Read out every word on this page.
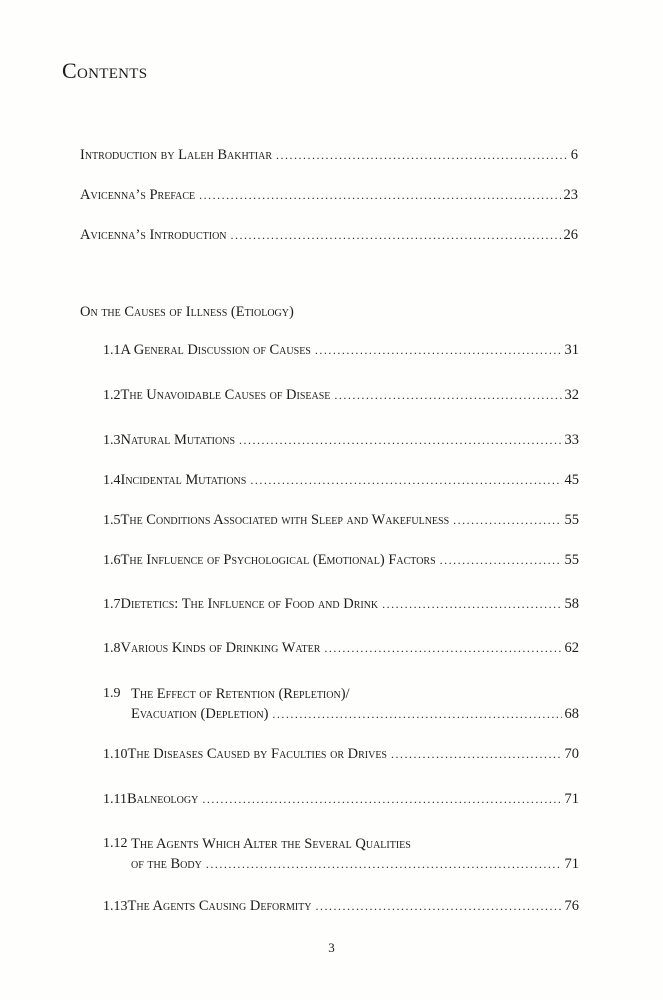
Contents
Introduction by Laleh Bakhtiar .....	6
Avicenna’s Preface .....	23
Avicenna’s Introduction .....	26
On the Causes of Illness (Etiology)
1.1 A General Discussion of Causes .....	31
1.2 The Unavoidable Causes of Disease .....	32
1.3 Natural Mutations .....	33
1.4 Incidental Mutations .....	45
1.5 The Conditions Associated with Sleep and Wakefulness .....	55
1.6 The Influence of Psychological (Emotional) Factors .....	55
1.7 Dietetics: The Influence of Food and Drink .....	58
1.8 Various Kinds of Drinking Water .....	62
1.9 The Effect of Retention (Repletion)/
Evacuation (Depletion) .....	68
1.10 The Diseases Caused by Faculties or Drives .....	70
1.11 Balneology .....	71
1.12 The Agents Which Alter the Several Qualities
of the Body .....	71
1.13 The Agents Causing Deformity .....	76
3
